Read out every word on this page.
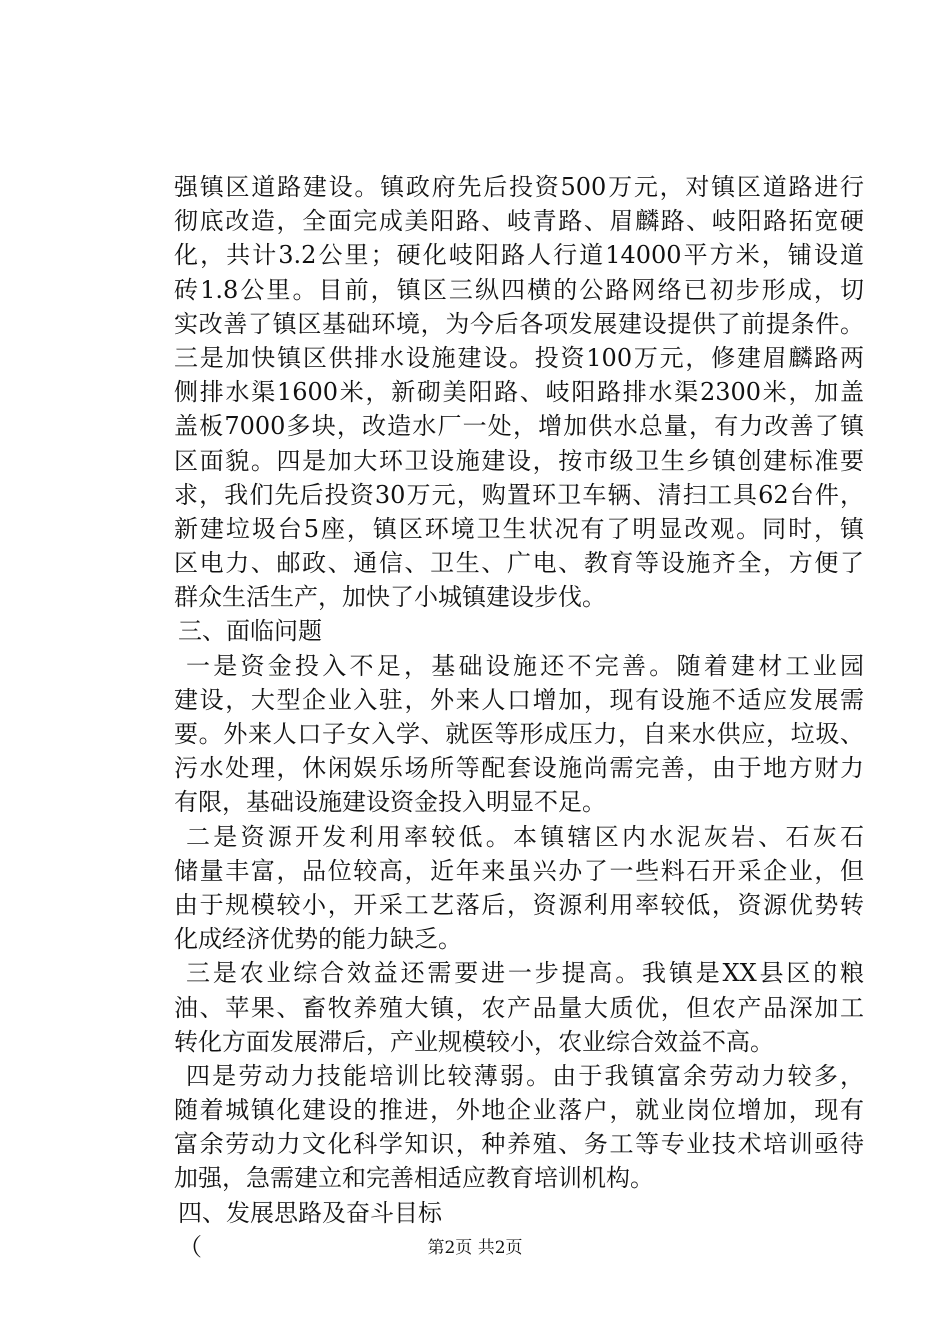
强镇区道路建设。镇政府先后投资500万元，对镇区道路进行
彻底改造，全面完成美阳路、岐青路、眉麟路、岐阳路拓宽硬
化，共计3.2公里；硬化岐阳路人行道14000平方米，铺设道
砖1.8公里。目前，镇区三纵四横的公路网络已初步形成，切
实改善了镇区基础环境，为今后各项发展建设提供了前提条件。
三是加快镇区供排水设施建设。投资100万元，修建眉麟路两
侧排水渠1600米，新砌美阳路、岐阳路排水渠2300米，加盖
盖板7000多块，改造水厂一处，增加供水总量，有力改善了镇
区面貌。四是加大环卫设施建设，按市级卫生乡镇创建标准要
求，我们先后投资30万元，购置环卫车辆、清扫工具62台件，
新建垃圾台5座，镇区环境卫生状况有了明显改观。同时，镇
区电力、邮政、通信、卫生、广电、教育等设施齐全，方便了
群众生活生产，加快了小城镇建设步伐。
三、面临问题
一是资金投入不足，基础设施还不完善。随着建材工业园
建设，大型企业入驻，外来人口增加，现有设施不适应发展需
要。外来人口子女入学、就医等形成压力，自来水供应，垃圾、
污水处理，休闲娱乐场所等配套设施尚需完善，由于地方财力
有限，基础设施建设资金投入明显不足。
二是资源开发利用率较低。本镇辖区内水泥灰岩、石灰石
储量丰富，品位较高，近年来虽兴办了一些料石开采企业，但
由于规模较小，开采工艺落后，资源利用率较低，资源优势转
化成经济优势的能力缺乏。
三是农业综合效益还需要进一步提高。我镇是XX县区的粮
油、苹果、畜牧养殖大镇，农产品量大质优，但农产品深加工
转化方面发展滞后，产业规模较小，农业综合效益不高。
四是劳动力技能培训比较薄弱。由于我镇富余劳动力较多，
随着城镇化建设的推进，外地企业落户，就业岗位增加，现有
富余劳动力文化科学知识，种养殖、务工等专业技术培训亟待
加强，急需建立和完善相适应教育培训机构。
四、发展思路及奋斗目标
（	第2页 共2页
